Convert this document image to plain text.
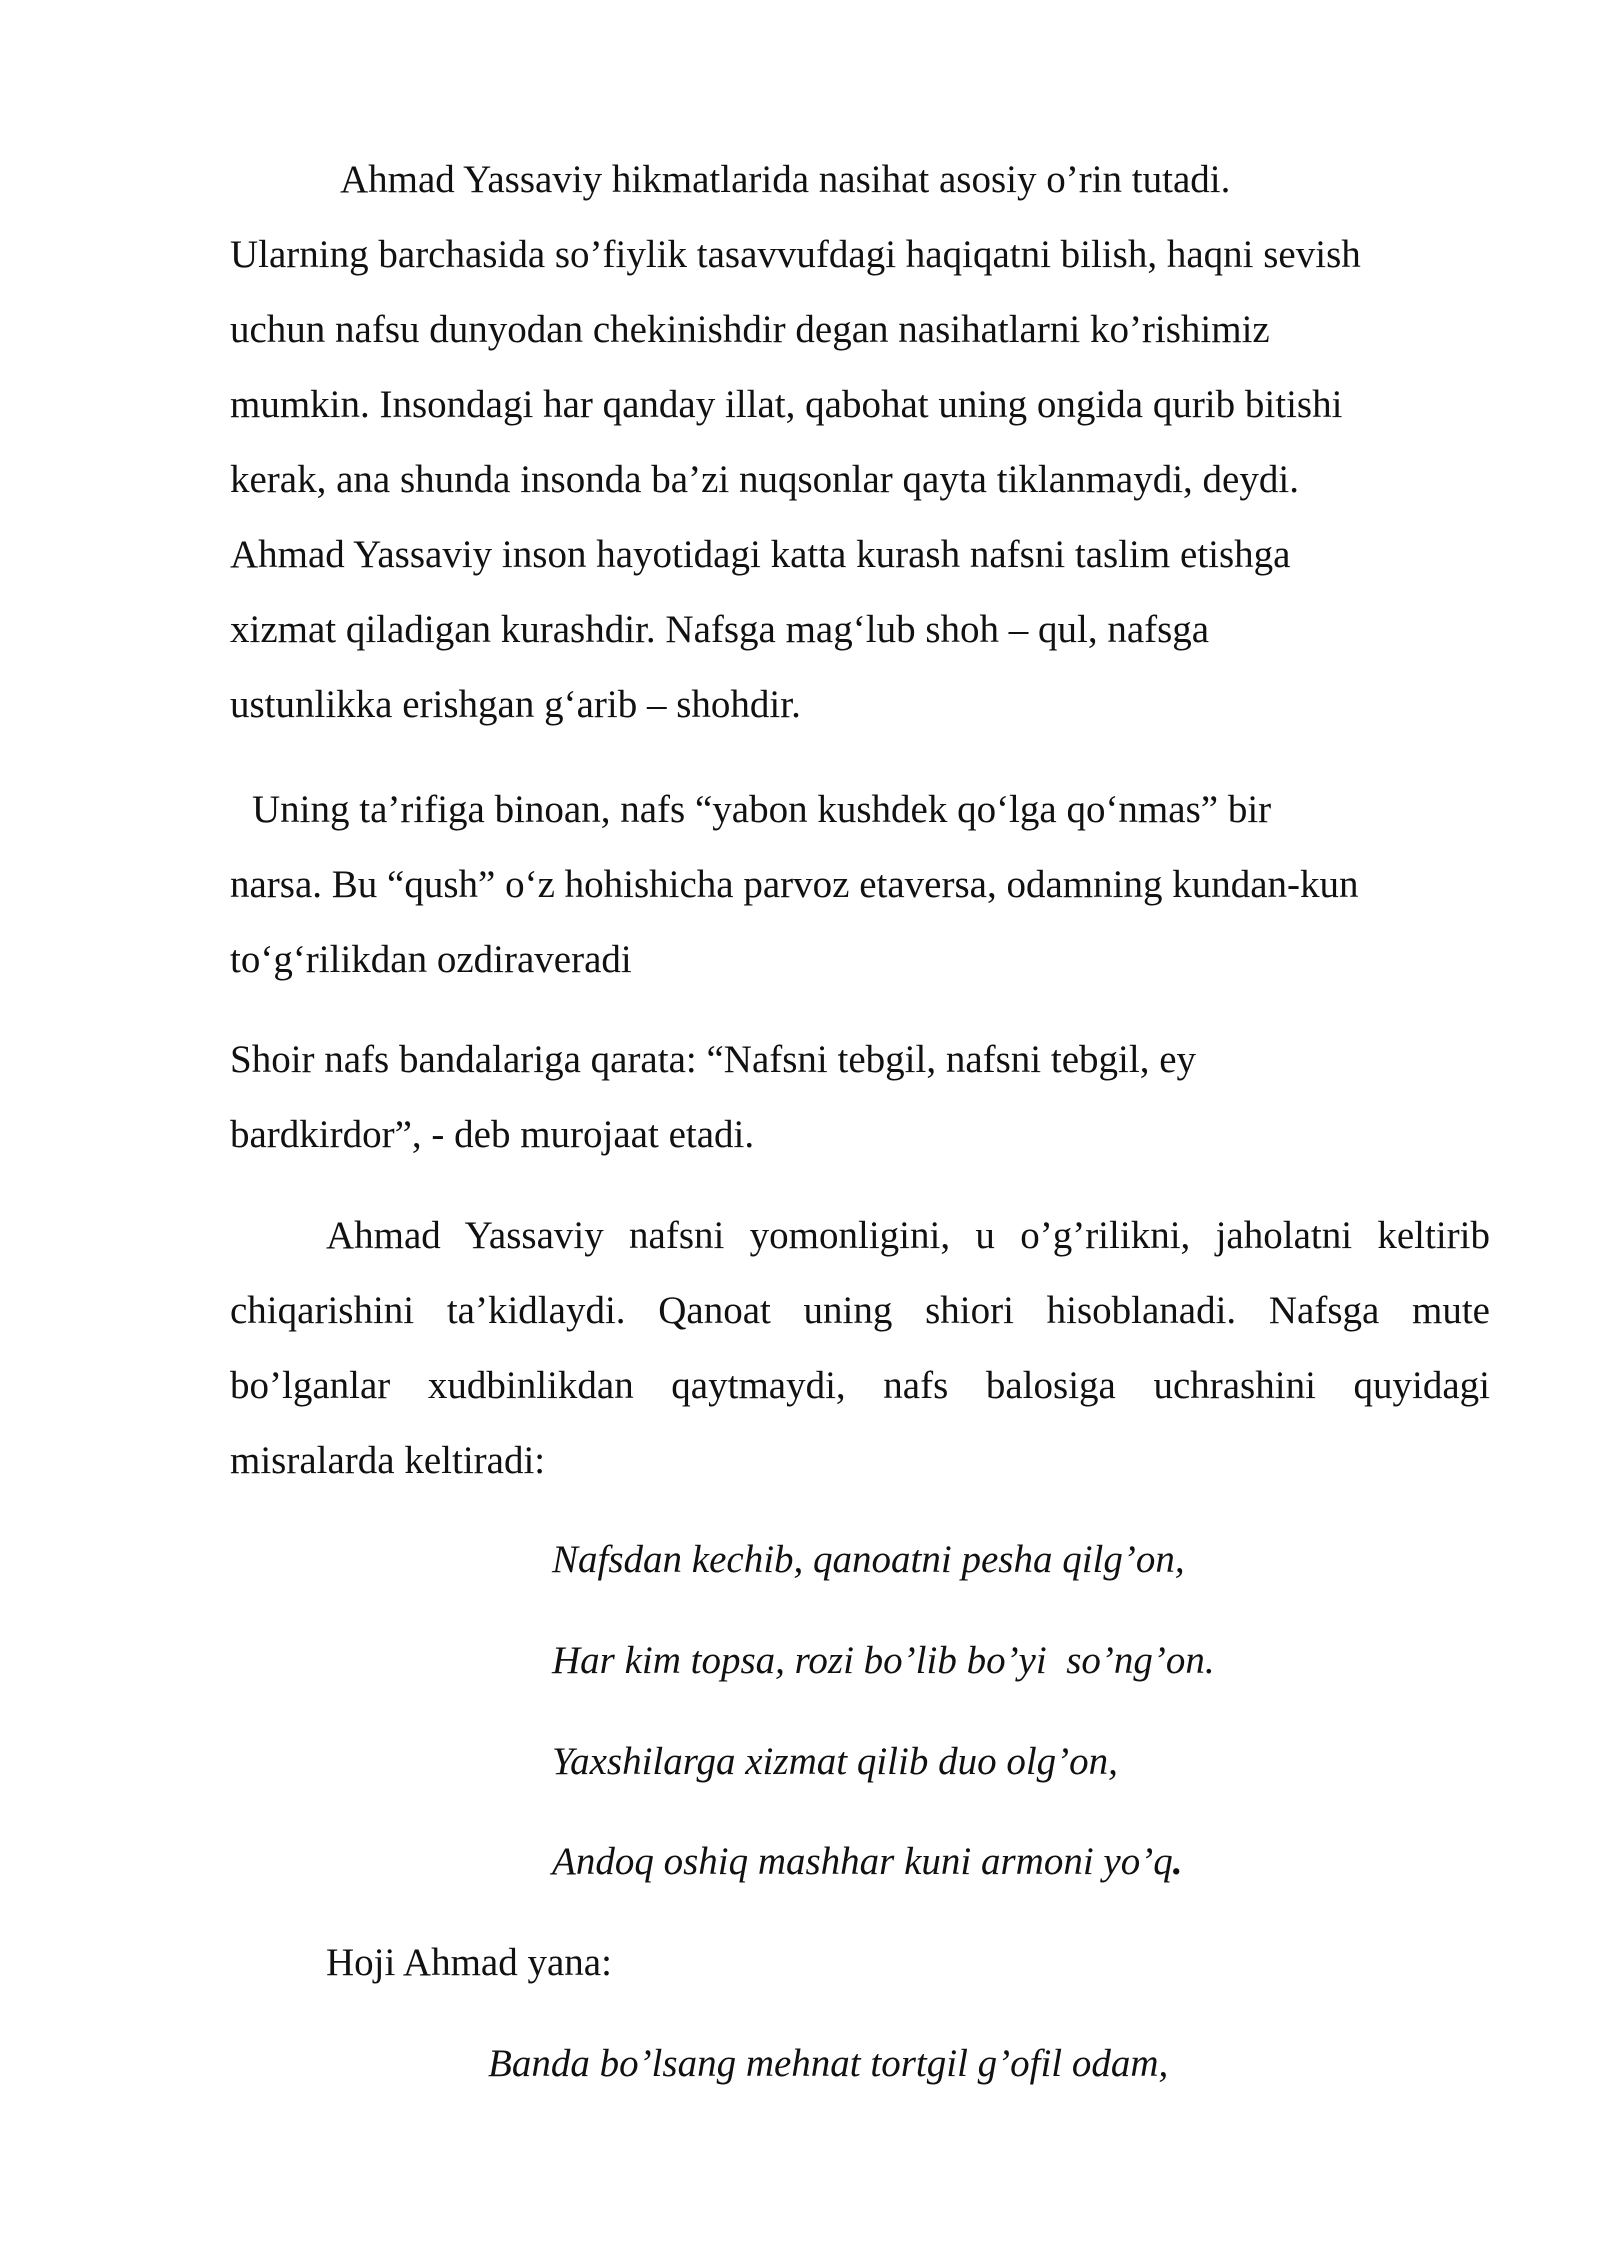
Ahmad Yassaviy hikmatlarida nasihat asosiy o’rin tutadi.
Ularning barchasida so’fiylik tasavvufdagi haqiqatni bilish, haqni sevish
uchun nafsu dunyodan chekinishdir degan nasihatlarni ko’rishimiz
mumkin. Insondagi har qanday illat, qabohat uning ongida qurib bitishi
kerak, ana shunda insonda ba’zi nuqsonlar qayta tiklanmaydi, deydi.
Ahmad Yassaviy inson hayotidagi katta kurash nafsni taslim etishga
xizmat qiladigan kurashdir. Nafsga mag‘lub shoh – qul, nafsga
ustunlikka erishgan g‘arib – shohdir.
Uning ta’rifiga binoan, nafs “yabon kushdek qo‘lga qo‘nmas” bir
narsa. Bu “qush” o‘z hohishicha parvoz etaversa, odamning kundan-kun
to‘g‘rilikdan ozdiraveradi
Shoir nafs bandalariga qarata: “Nafsni tebgil, nafsni tebgil, ey
bardkirdor”, - deb murojaat etadi.

Ahmad Yassaviy nafsni yomonligini, u o’g’rilikni, jaholatni keltirib chiqarishini ta’kidlaydi. Qanoat uning shiori hisoblanadi. Nafsga mute bo’lganlar xudbinlikdan qaytmaydi, nafs balosiga uchrashini quyidagi misralarda keltiradi:

Nafsdan kechib, qanoatni pesha qilg’on,
Har kim topsa, rozi bo’lib bo’yi  so’ng’on.
Yaxshilarga xizmat qilib duo olg’on,
Andoq oshiq mashhar kuni armoni yo’q.
Hoji Ahmad yana:
Banda bo’lsang mehnat tortgil g’ofil odam,
